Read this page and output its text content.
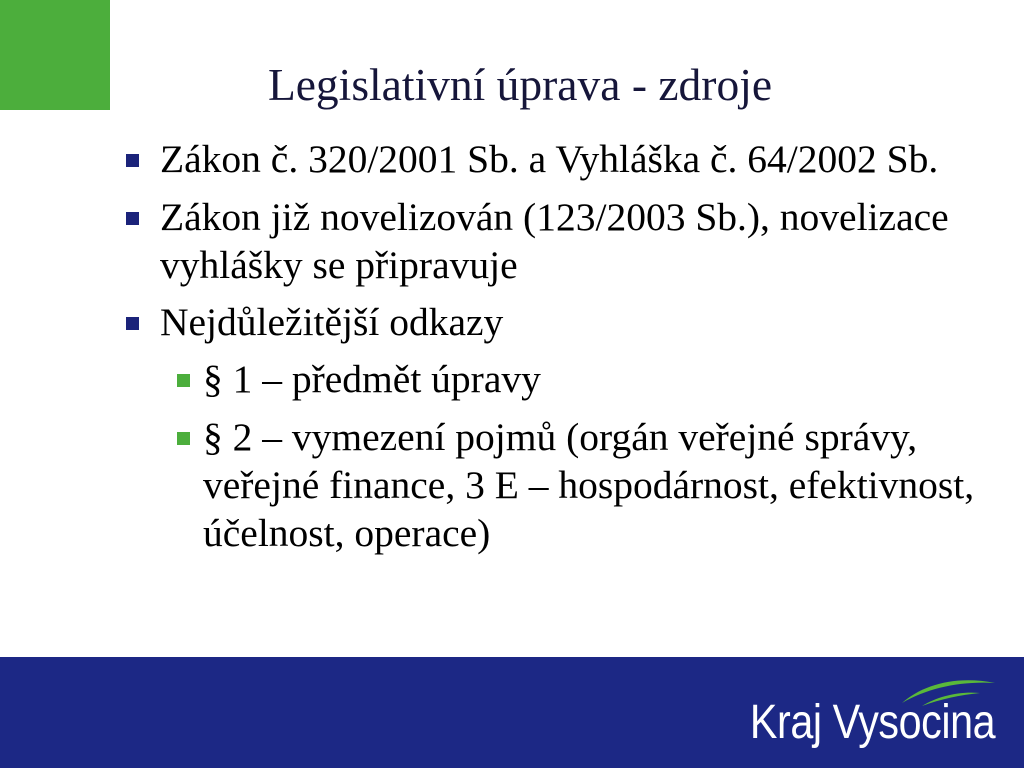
Legislativní úprava - zdroje
Zákon č. 320/2001 Sb. a Vyhláška č. 64/2002 Sb.
Zákon již novelizován (123/2003 Sb.), novelizace
vyhlášky se připravuje
Nejdůležitější odkazy
§ 1 – předmět úpravy
§ 2 – vymezení pojmů (orgán veřejné správy,
veřejné finance, 3 E – hospodárnost, efektivnost,
účelnost, operace)
Kraj Vysocina
